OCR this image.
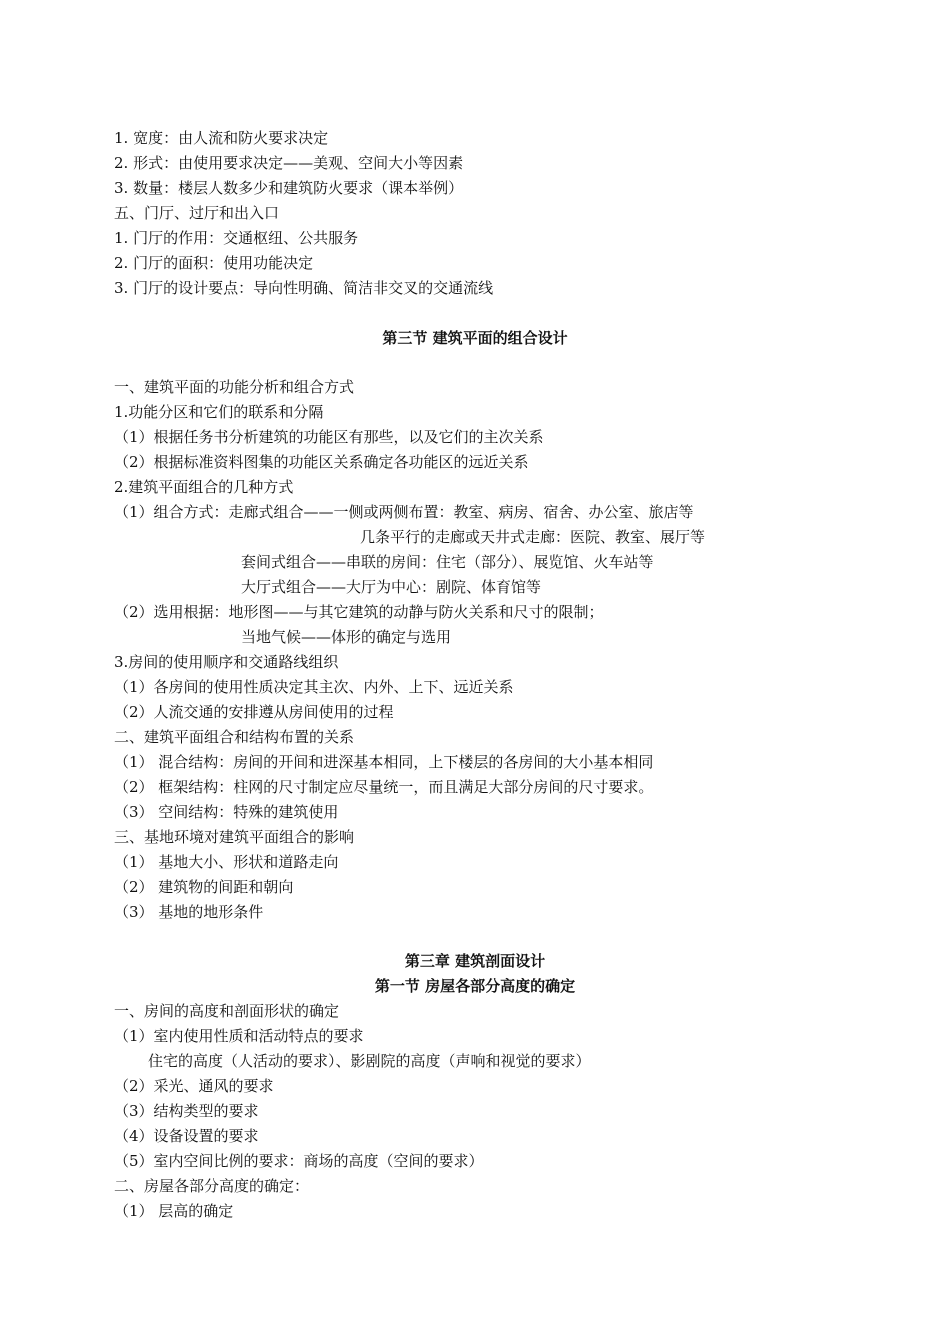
1. 宽度：由人流和防火要求决定
2. 形式：由使用要求决定——美观、空间大小等因素
3. 数量：楼层人数多少和建筑防火要求（课本举例）
五、门厅、过厅和出入口
1. 门厅的作用：交通枢纽、公共服务
2. 门厅的面积：使用功能决定
3. 门厅的设计要点：导向性明确、简洁非交叉的交通流线
第三节 建筑平面的组合设计
一、建筑平面的功能分析和组合方式
1.功能分区和它们的联系和分隔
（1）根据任务书分析建筑的功能区有那些，以及它们的主次关系
（2）根据标准资料图集的功能区关系确定各功能区的远近关系
2.建筑平面组合的几种方式
（1）组合方式：走廊式组合——一侧或两侧布置：教室、病房、宿舍、办公室、旅店等
几条平行的走廊或天井式走廊：医院、教室、展厅等
套间式组合——串联的房间：住宅（部分）、展览馆、火车站等
大厅式组合——大厅为中心：剧院、体育馆等
（2）选用根据：地形图——与其它建筑的动静与防火关系和尺寸的限制；
当地气候——体形的确定与选用
3.房间的使用顺序和交通路线组织
（1）各房间的使用性质决定其主次、内外、上下、远近关系
（2）人流交通的安排遵从房间使用的过程
二、建筑平面组合和结构布置的关系
（1） 混合结构：房间的开间和进深基本相同，上下楼层的各房间的大小基本相同
（2） 框架结构：柱网的尺寸制定应尽量统一，而且满足大部分房间的尺寸要求。
（3） 空间结构：特殊的建筑使用
三、基地环境对建筑平面组合的影响
（1） 基地大小、形状和道路走向
（2） 建筑物的间距和朝向
（3） 基地的地形条件
第三章 建筑剖面设计
第一节 房屋各部分高度的确定
一、房间的高度和剖面形状的确定
（1）室内使用性质和活动特点的要求
住宅的高度（人活动的要求）、影剧院的高度（声响和视觉的要求）
（2）采光、通风的要求
（3）结构类型的要求
（4）设备设置的要求
（5）室内空间比例的要求：商场的高度（空间的要求）
二、房屋各部分高度的确定：
（1） 层高的确定
